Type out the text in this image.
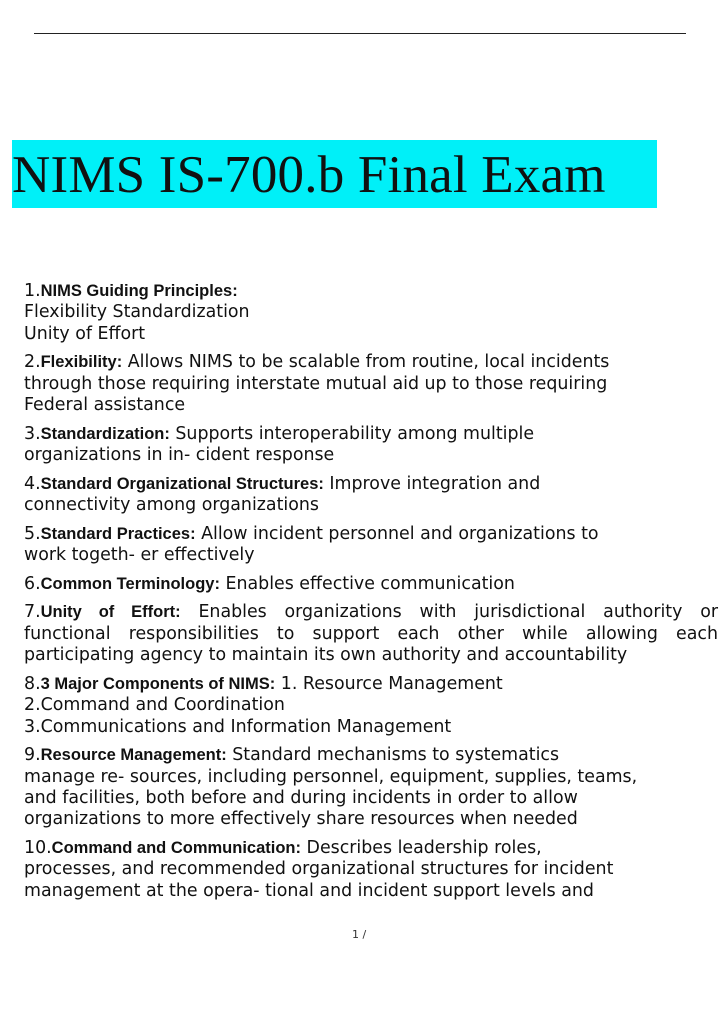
NIMS IS-700.b Final Exam
1.NIMS Guiding Principles:
Flexibility Standardization
Unity of Effort
2.Flexibility: Allows NIMS to be scalable from routine, local incidents
through those requiring interstate mutual aid up to those requiring
Federal assistance
3.Standardization: Supports interoperability among multiple
organizations in in- cident response
4.Standard Organizational Structures: Improve integration and
connectivity among organizations
5.Standard Practices: Allow incident personnel and organizations to
work togeth- er effectively
6.Common Terminology: Enables effective communication
7.Unity of Effort: Enables organizations with jurisdictional authority or
functional responsibilities to support each other while allowing each
participating agency to maintain its own authority and accountability
8.3 Major Components of NIMS: 1. Resource Management
2.Command and Coordination
3.Communications and Information Management
9.Resource Management: Standard mechanisms to systematics
manage re- sources, including personnel, equipment, supplies, teams,
and facilities, both before and during incidents in order to allow
organizations to more effectively share resources when needed
10.Command and Communication: Describes leadership roles,
processes, and recommended organizational structures for incident
management at the opera- tional and incident support levels and
1 /
